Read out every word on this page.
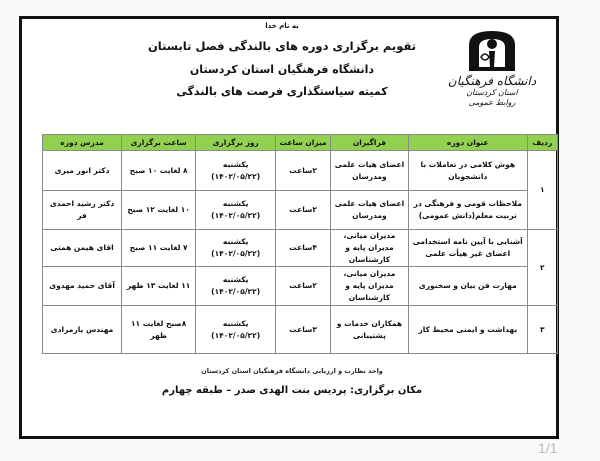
دانشگاه فرهنگیان
استان کردستان
روابط عمومی
به نام خدا
تقویم برگزاری دوره های بالندگی فصل تابستان
دانشگاه فرهنگیان استان کردستان
کمیته سیاستگذاری فرصت های بالندگی
ردیف	عنوان دوره	فراگیران	میزان ساعت	روز برگزاری	ساعت برگزاری	مدرس دوره
۱	هوش کلامی در تعاملات با دانشجویان	اعضای هیات علمی ومدرسان	۲ساعت	یکشنبه (۱۴۰۲/۰۵/۲۲)	۸ لغایت ۱۰ صبح	دکتر انور میری
	ملاحظات قومی و فرهنگی در تربیت معلم(دانش عمومی)	اعضای هیات علمی ومدرسان	۲ساعت	یکشنبه (۱۴۰۲/۰۵/۲۲)	۱۰ لغایت ۱۲ صبح	دکتر رشید احمدی فر
۲	آشنایی با آیین نامه استخدامی اعضای غیر هیأت علمی	مدیران میانی، مدیران پایه و کارشناسان	۴ساعت	یکشنبه (۱۴۰۲/۰۵/۲۲)	۷ لغایت ۱۱ صبح	اقای هیمن همتی
	مهارت فن بیان و سخنوری	مدیران میانی، مدیران پایه و کارشناسان	۲ساعت	یکشنبه (۱۴۰۲/۰۵/۲۲)	۱۱ لغایت ۱۳ ظهر	آقای حمید مهدوی
۳	بهداشت و ایمنی محیط کار	همکاران خدمات و پشتیبانی	۳ساعت	یکشنبه (۱۴۰۲/۰۵/۲۲)	۸صبح لغایت ۱۱ ظهر	مهندس یارمرادی
واحد نظارت و ارزیابی دانشگاه فرهنگیان استان کردستان
مکان برگزاری: پردیس بنت الهدی صدر – طبقه چهارم
1/1
